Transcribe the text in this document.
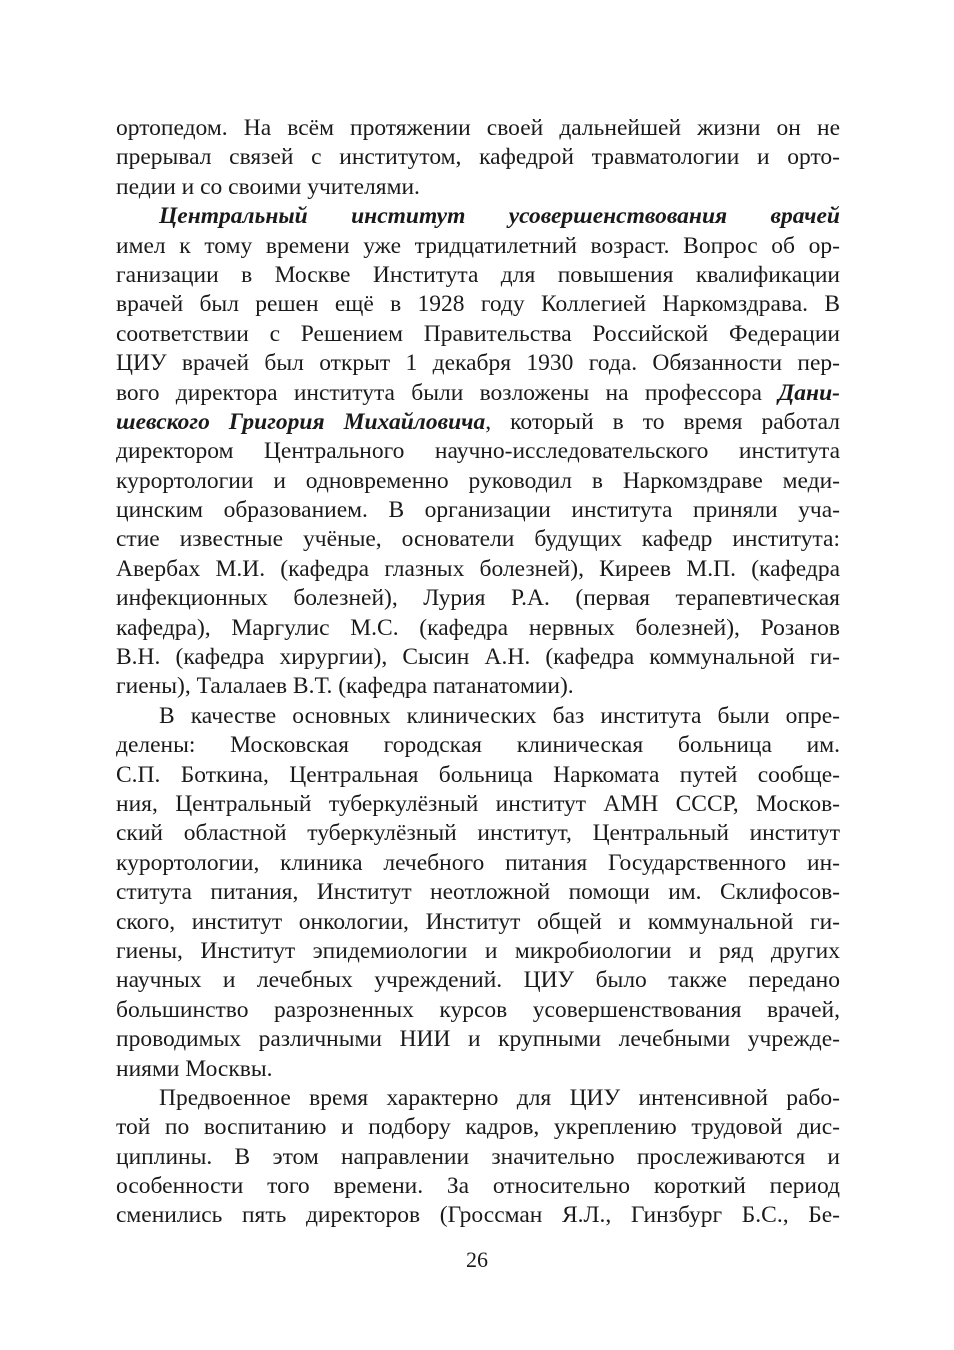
ортопедом. На всём протяжении своей дальнейшей жизни он не
прерывал связей с институтом, кафедрой травматологии и орто-
педии и со своими учителями.
Центральный институт усовершенствования врачей
имел к тому времени уже тридцатилетний возраст. Вопрос об ор-
ганизации в Москве Института для повышения квалификации
врачей был решен ещё в 1928 году Коллегией Наркомздрава. В
соответствии с Решением Правительства Российской Федерации
ЦИУ врачей был открыт 1 декабря 1930 года. Обязанности пер-
вого директора института были возложены на профессора Дани-
шевского Григория Михайловича, который в то время работал
директором Центрального научно-исследовательского института
курортологии и одновременно руководил в Наркомздраве меди-
цинским образованием. В организации института приняли уча-
стие известные учёные, основатели будущих кафедр института:
Авербах М.И. (кафедра глазных болезней), Киреев М.П. (кафедра
инфекционных болезней), Лурия Р.А. (первая терапевтическая
кафедра), Маргулис М.С. (кафедра нервных болезней), Розанов
В.Н. (кафедра хирургии), Сысин А.Н. (кафедра коммунальной ги-
гиены), Талалаев В.Т. (кафедра патанатомии).
В качестве основных клинических баз института были опре-
делены: Московская городская клиническая больница им.
С.П. Боткина, Центральная больница Наркомата путей сообще-
ния, Центральный туберкулёзный институт АМН СССР, Москов-
ский областной туберкулёзный институт, Центральный институт
курортологии, клиника лечебного питания Государственного ин-
ститута питания, Институт неотложной помощи им. Склифосов-
ского, институт онкологии, Институт общей и коммунальной ги-
гиены, Институт эпидемиологии и микробиологии и ряд других
научных и лечебных учреждений. ЦИУ было также передано
большинство разрозненных курсов усовершенствования врачей,
проводимых различными НИИ и крупными лечебными учрежде-
ниями Москвы.
Предвоенное время характерно для ЦИУ интенсивной рабо-
той по воспитанию и подбору кадров, укреплению трудовой дис-
циплины. В этом направлении значительно прослеживаются и
особенности того времени. За относительно короткий период
сменились пять директоров (Гроссман Я.Л., Гинзбург Б.С., Бе-
26
